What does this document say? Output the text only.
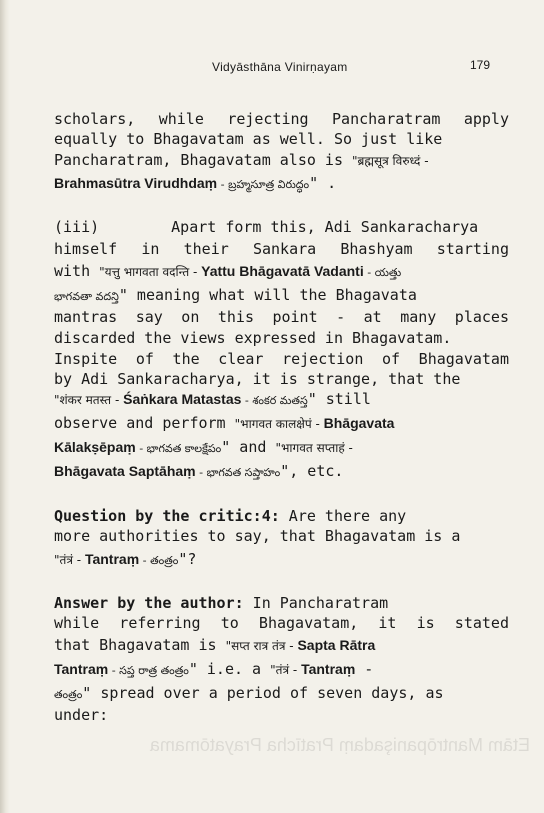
Etām Mantrōpanişadaṃ Pratīcha Prayatōmama
Vidyāsthāna Vinirṇayam	179
scholars, while rejecting Pancharatram apply
equally to Bhagavatam as well. So just like
Pancharatram, Bhagavatam also is "ब्रह्मसूत्र विरुध्दं -
Brahmasūtra Virudhdaṃ - బ్రహ్మసూత్ర విరుద్ధం" .
(iii)	Apart form this, Adi Sankaracharya
himself in their Sankara Bhashyam starting
with "यत्तु भागवता वदन्ति - Yattu Bhāgavatā Vadanti - యత్తు
భాగవతా వదన్తి" meaning what will the Bhagavata
mantras say on this point - at many places
discarded the views expressed in Bhagavatam.
Inspite of the clear rejection of Bhagavatam
by Adi Sankaracharya, it is strange, that the
"शंकर मतस्त - Śaṅkara Matastas - శంకర మతస్త" still
observe and perform "भागवत कालक्षेपं - Bhāgavata
Kālakṣēpaṃ - భాగవత కాలక్షేపం" and "भागवत सप्ताहं -
Bhāgavata Saptāhaṃ - భాగవత సప్తాహం", etc.
Question by the critic:4: Are there any
more authorities to say, that Bhagavatam is a
"तंत्रं - Tantraṃ - తంత్రం"?
Answer by the author: In Pancharatram
while referring to Bhagavatam, it is stated
that Bhagavatam is "सप्त रात्र तंत्र - Sapta Rātra
Tantraṃ - సప్త రాత్ర తంత్రం" i.e. a "तंत्रं - Tantraṃ -
తంత్రం" spread over a period of seven days, as
under:
